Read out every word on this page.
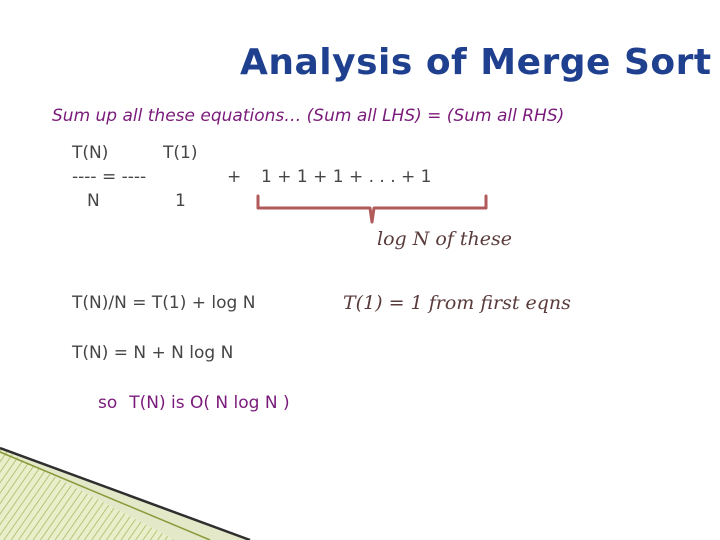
Analysis of Merge Sort
Sum up all these equations… (Sum all LHS) = (Sum all RHS)
T(N)	T(1)
---- = ----	+ 1 + 1 + 1 + . . . + 1
N	1
log N of these
T(N)/N = T(1) + log N	T(1) = 1 from first eqns
T(N) = N + N log N
so T(N) is O( N log N )
